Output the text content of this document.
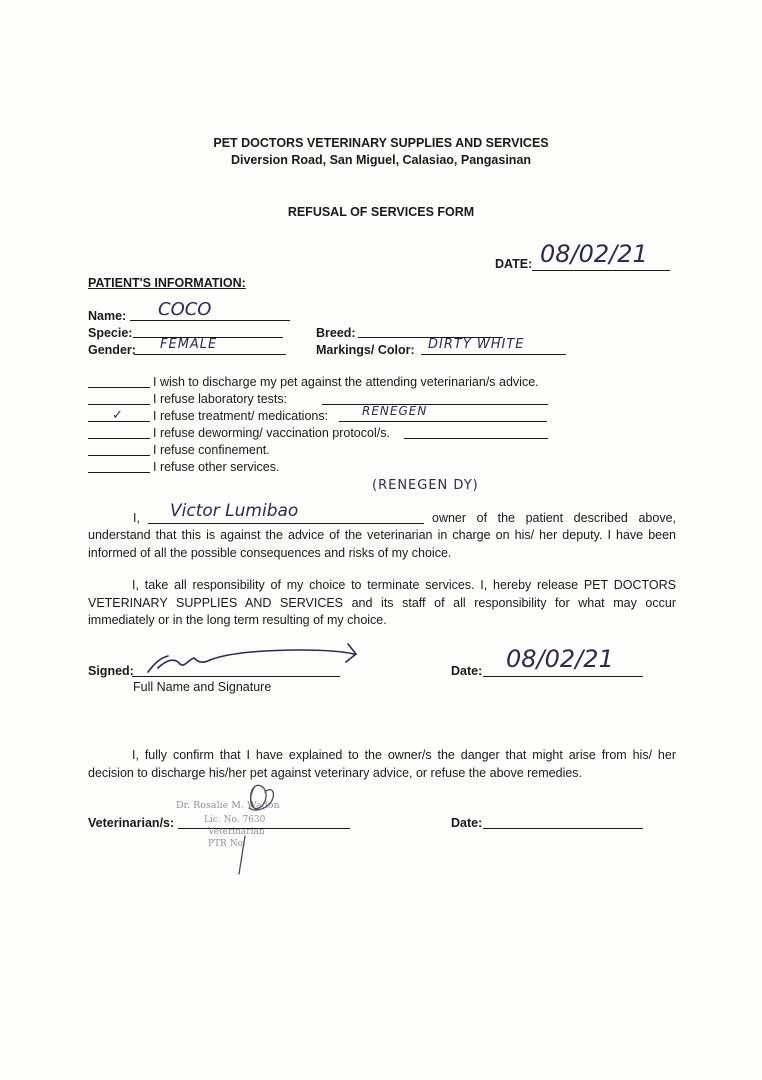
PET DOCTORS VETERINARY SUPPLIES AND SERVICES
Diversion Road, San Miguel, Calasiao, Pangasinan
REFUSAL OF SERVICES FORM
DATE: 08/02/21
PATIENT'S INFORMATION:
Name: COCO
Specie:
Gender: FEMALE
Breed:
Markings/ Color: DIRTY WHITE
I wish to discharge my pet against the attending veterinarian/s advice.
I refuse laboratory tests:
✓ I refuse treatment/ medications:	RENEGEN
I refuse deworming/ vaccination protocol/s.
I refuse confinement.
I refuse other services.
(RENEGEN DY)
I, Victor Lumibao	owner of the patient described above,
understand that this is against the advice of the veterinarian in charge on his/ her deputy. I have been informed of all the possible consequences and risks of my choice.
I, take all responsibility of my choice to terminate services. I, hereby release PET DOCTORS VETERINARY SUPPLIES AND SERVICES and its staff of all responsibility for what may occur immediately or in the long term resulting of my choice.
Signed:
Full Name and Signature
Date: 08/02/21
I, fully confirm that I have explained to the owner/s the danger that might arise from his/ her decision to discharge his/her pet against veterinary advice, or refuse the above remedies.
Veterinarian/s:
Dr. Rosalie M. Wadon
Lic. No. 7630
Veterinarian
PTR No.
Date:
